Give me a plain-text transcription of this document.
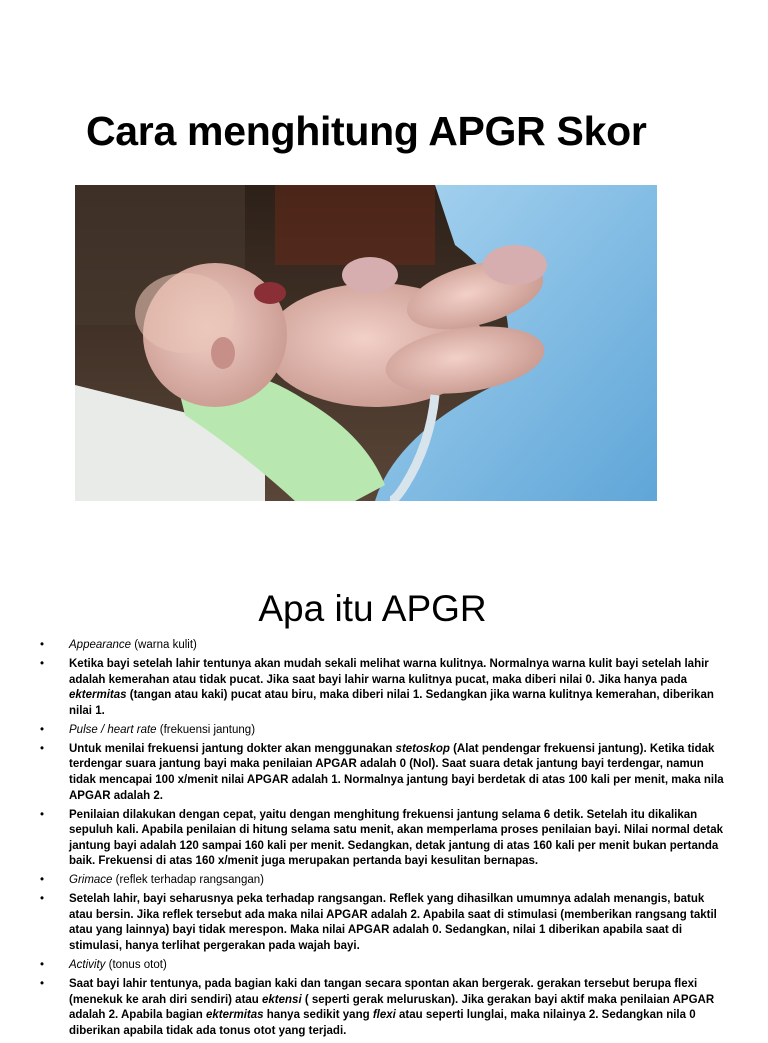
Cara menghitung APGR Skor
Apa itu APGR
• Appearance (warna kulit)
• Ketika bayi setelah lahir tentunya akan mudah sekali melihat warna kulitnya. Normalnya warna kulit bayi setelah lahir adalah kemerahan atau tidak pucat. Jika saat bayi lahir warna kulitnya pucat, maka diberi nilai 0. Jika hanya pada ektermitas (tangan atau kaki) pucat atau biru, maka diberi nilai 1. Sedangkan jika warna kulitnya kemerahan, diberikan nilai 1.
• Pulse / heart rate (frekuensi jantung)
• Untuk menilai frekuensi jantung dokter akan menggunakan stetoskop (Alat pendengar frekuensi jantung). Ketika tidak terdengar suara jantung bayi maka penilaian APGAR adalah 0 (Nol). Saat suara detak jantung bayi terdengar, namun tidak mencapai 100 x/menit nilai APGAR adalah 1. Normalnya jantung bayi berdetak di atas 100 kali per menit, maka nila APGAR adalah 2.
• Penilaian dilakukan dengan cepat, yaitu dengan menghitung frekuensi jantung selama 6 detik. Setelah itu dikalikan sepuluh kali. Apabila penilaian di hitung selama satu menit, akan memperlama proses penilaian bayi. Nilai normal detak jantung bayi adalah 120 sampai 160 kali per menit. Sedangkan, detak jantung di atas 160 kali per menit bukan pertanda baik. Frekuensi di atas 160 x/menit juga merupakan pertanda bayi kesulitan bernapas.
• Grimace (reflek terhadap rangsangan)
• Setelah lahir, bayi seharusnya peka terhadap rangsangan. Reflek yang dihasilkan umumnya adalah menangis, batuk atau bersin. Jika reflek tersebut ada maka nilai APGAR adalah 2. Apabila saat di stimulasi (memberikan rangsang taktil atau yang lainnya) bayi tidak merespon. Maka nilai APGAR adalah 0. Sedangkan, nilai 1 diberikan apabila saat di stimulasi, hanya terlihat pergerakan pada wajah bayi.
• Activity (tonus otot)
• Saat bayi lahir tentunya, pada bagian kaki dan tangan secara spontan akan bergerak. gerakan tersebut berupa flexi (menekuk ke arah diri sendiri) atau ektensi ( seperti gerak meluruskan). Jika gerakan bayi aktif maka penilaian APGAR adalah 2. Apabila bagian ektermitas hanya sedikit yang flexi atau seperti lunglai, maka nilainya 2. Sedangkan nila 0 diberikan apabila tidak ada tonus otot yang terjadi.
